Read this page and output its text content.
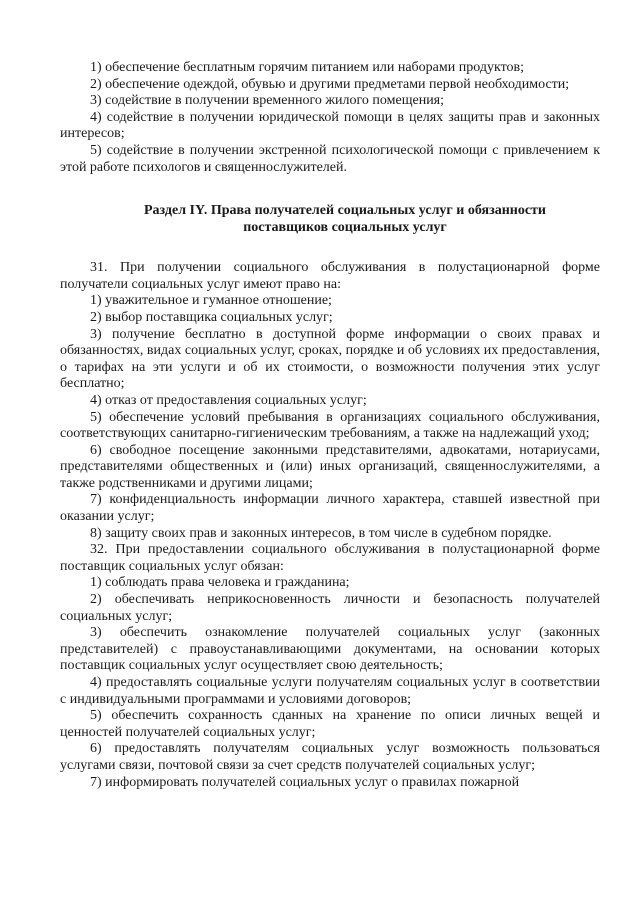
1) обеспечение бесплатным горячим питанием или наборами продуктов;

2) обеспечение одеждой, обувью и другими предметами первой необходимости;

3) содействие в получении временного жилого помещения;

4) содействие в получении юридической помощи в целях защиты прав и законных интересов;

5) содействие в получении экстренной психологической помощи с привлечением к этой работе психологов и священнослужителей.

Раздел IY. Права получателей социальных услуг и обязанности
поставщиков социальных услуг

31. При получении социального обслуживания в полустационарной форме получатели социальных услуг имеют право на:

1) уважительное и гуманное отношение;

2) выбор поставщика социальных услуг;

3) получение бесплатно в доступной форме информации о своих правах и обязанностях, видах социальных услуг, сроках, порядке и об условиях их предоставления, о тарифах на эти услуги и об их стоимости, о возможности получения этих услуг бесплатно;

4) отказ от предоставления социальных услуг;

5) обеспечение условий пребывания в организациях социального обслуживания, соответствующих санитарно-гигиеническим требованиям, а также на надлежащий уход;

6) свободное посещение законными представителями, адвокатами, нотариусами, представителями общественных и (или) иных организаций, священнослужителями, а также родственниками и другими лицами;

7) конфиденциальность информации личного характера, ставшей известной при оказании услуг;

8) защиту своих прав и законных интересов, в том числе в судебном порядке.

32. При предоставлении социального обслуживания в полустационарной форме поставщик социальных услуг обязан:

1) соблюдать права человека и гражданина;

2) обеспечивать неприкосновенность личности и безопасность получателей социальных услуг;

3) обеспечить ознакомление получателей социальных услуг (законных представителей) с правоустанавливающими документами, на основании которых поставщик социальных услуг осуществляет свою деятельность;

4) предоставлять социальные услуги получателям социальных услуг в соответствии с индивидуальными программами и условиями договоров;

5) обеспечить сохранность сданных на хранение по описи личных вещей и ценностей получателей социальных услуг;

6) предоставлять получателям социальных услуг возможность пользоваться услугами связи, почтовой связи за счет средств получателей социальных услуг;

7) информировать получателей социальных услуг о правилах пожарной
